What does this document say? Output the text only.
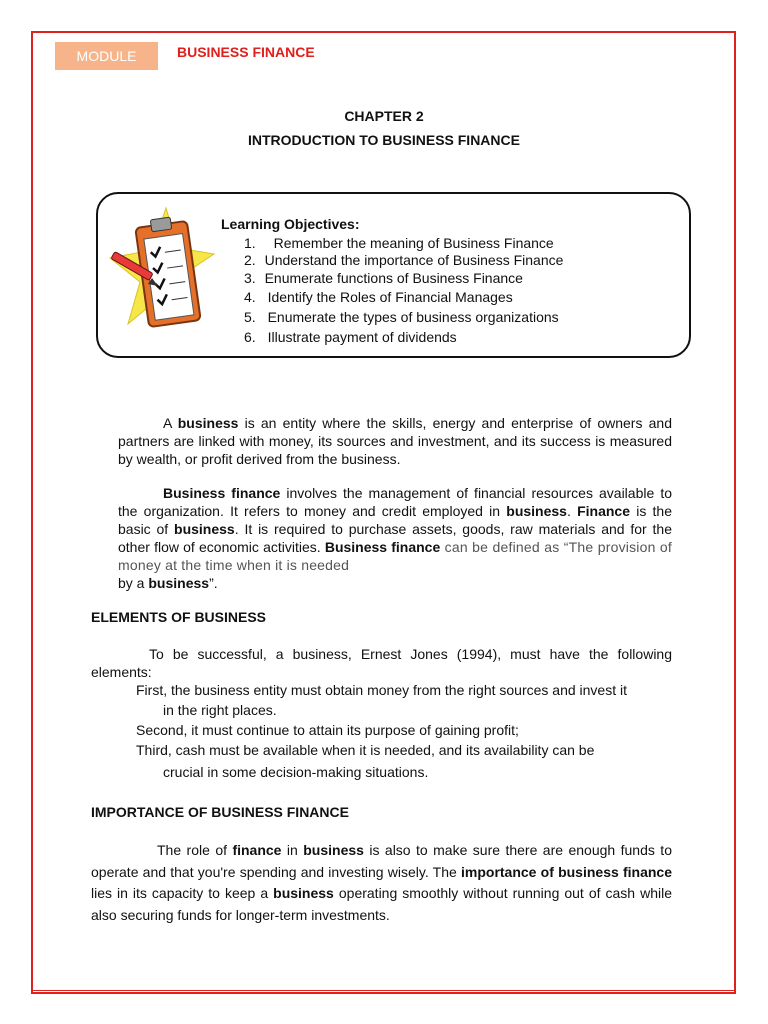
MODULE	BUSINESS FINANCE
CHAPTER 2
INTRODUCTION TO BUSINESS FINANCE
Learning Objectives:
1. Remember the meaning of Business Finance
2. Understand the importance of Business Finance
3. Enumerate functions of Business Finance
4. Identify the Roles of Financial Manages
5. Enumerate the types of business organizations
6. Illustrate payment of dividends

A business is an entity where the skills, energy and enterprise of owners and partners are linked with money, its sources and investment, and its success is measured by wealth, or profit derived from the business.

Business finance involves the management of financial resources available to the organization. It refers to money and credit employed in business. Finance is the basic of business. It is required to purchase assets, goods, raw materials and for the other flow of economic activities. Business finance can be defined as “The provision of money at the time when it is needed
by a business”.

ELEMENTS OF BUSINESS

To be successful, a business, Ernest Jones (1994), must have the following elements:

First, the business entity must obtain money from the right sources and invest it
in the right places.
Second, it must continue to attain its purpose of gaining profit;
Third, cash must be available when it is needed, and its availability can be
crucial in some decision-making situations.
IMPORTANCE OF BUSINESS FINANCE

The role of finance in business is also to make sure there are enough funds to operate and that you're spending and investing wisely. The importance of business finance lies in its capacity to keep a business operating smoothly without running out of cash while also securing funds for longer-term investments.
